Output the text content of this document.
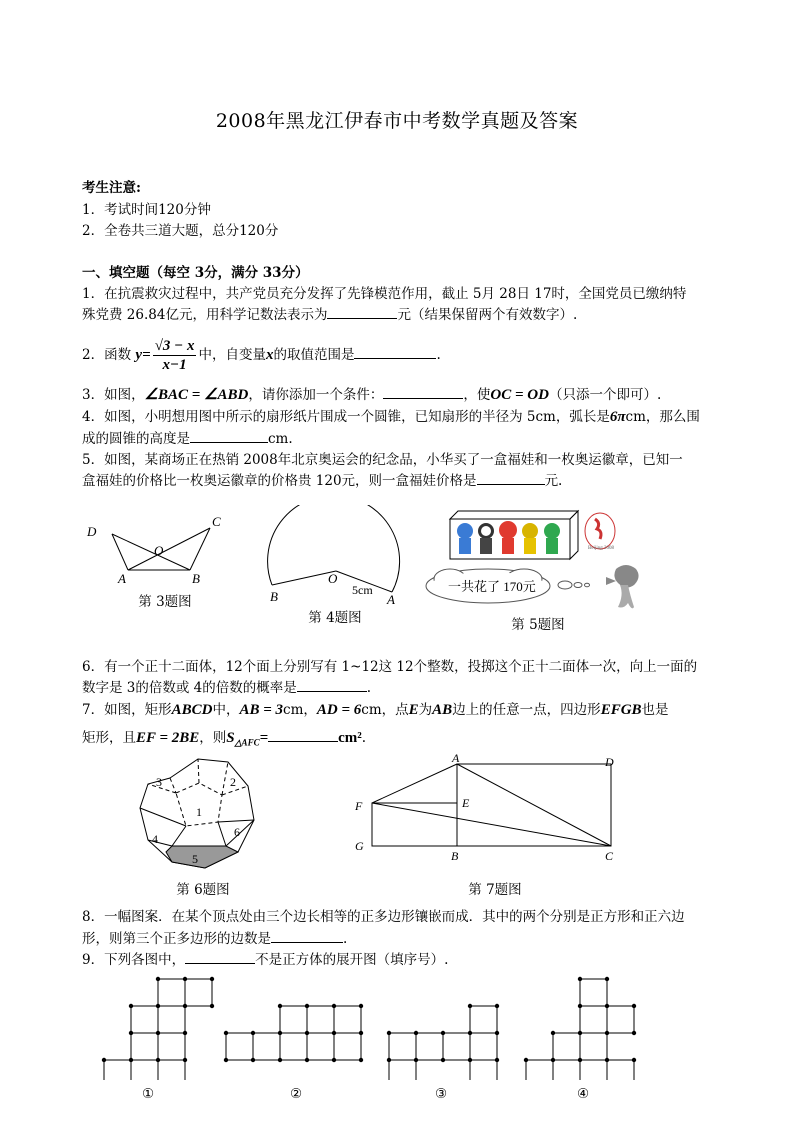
2008年黑龙江伊春市中考数学真题及答案
考生注意:
1．考试时间120分钟
2．全卷共三道大题，总分120分
一、填空题（每空 3分，满分 33分）
1．在抗震救灾过程中，共产党员充分发挥了先锋模范作用，截止 5月 28日 17时，全国党员已缴纳特
殊党费 26.84亿元，用科学记数法表示为	元（结果保留两个有效数字）.
2．函数 $y= \frac{√3 - x}{x-1}$ 中，自变量x的取值范围是	.
3．如图，∠BAC = ∠ABD，请你添加一个条件：	，使OC = OD（只添一个即可）.
4．如图，小明想用图中所示的扇形纸片围成一个圆锥，已知扇形的半径为 5cm，弧长是6πcm，那么围
成的圆锥的高度是	cm.
5．如图，某商场正在热销 2008年北京奥运会的纪念品，小华买了一盒福娃和一枚奥运徽章，已知一
盒福娃的价格比一枚奥运徽章的价格贵 120元，则一盒福娃价格是	元.
D
C
O
A	B
第 3题图
O
5cm
B	A
第 4题图
Beijing 2008
一共花了 170元
第 5题图
6．有一个正十二面体，12个面上分别写有 1~12这 12个整数，投掷这个正十二面体一次，向上一面的
数字是 3的倍数或 4的倍数的概率是	.
7．如图，矩形ABCD中，AB = 3cm，AD = 6cm，点E为AB边上的任意一点，四边形EFGB也是
矩形，且EF = 2BE，则$S_{\triangle AFC}=$	cm².
1
2
3
4
5
6
第 6题图
A	D
E
F
G
B	C
第 7题图
8．一幅图案．在某个顶点处由三个边长相等的正多边形镶嵌而成．其中的两个分别是正方形和正六边
形，则第三个正多边形的边数是	.
9．下列各图中，	不是正方体的展开图（填序号）.
①	②	③	④
